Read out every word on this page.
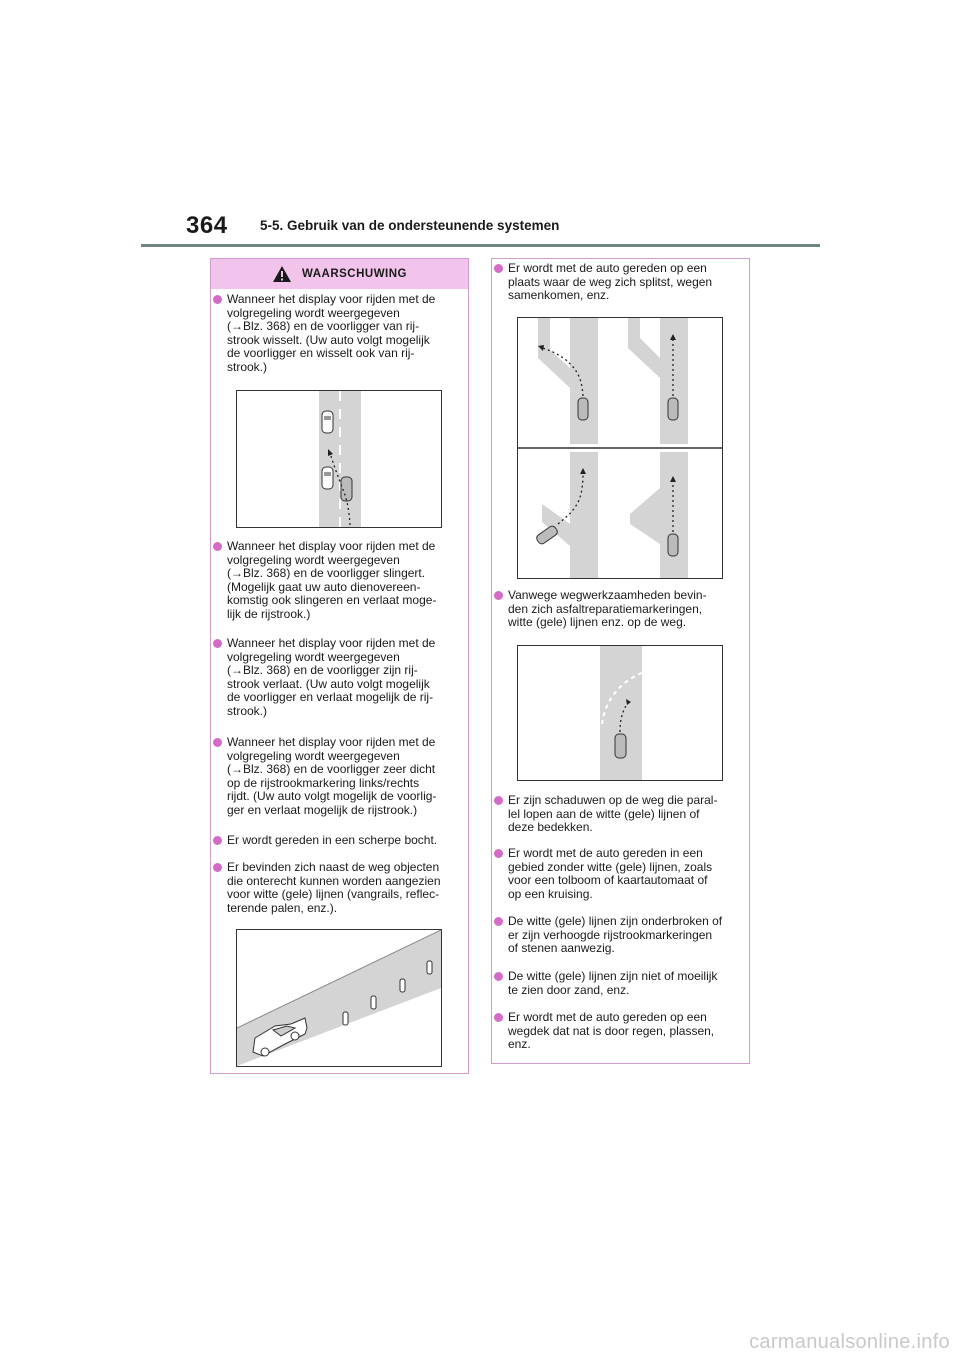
364 5-5. Gebruik van de ondersteunende systemen
WAARSCHUWING
Wanneer het display voor rijden met de
volgregeling wordt weergegeven
(→Blz. 368) en de voorligger van rij-
strook wisselt. (Uw auto volgt mogelijk
de voorligger en wisselt ook van rij-
strook.)
Wanneer het display voor rijden met de
volgregeling wordt weergegeven
(→Blz. 368) en de voorligger slingert.
(Mogelijk gaat uw auto dienovereen-
komstig ook slingeren en verlaat moge-
lijk de rijstrook.)
Wanneer het display voor rijden met de
volgregeling wordt weergegeven
(→Blz. 368) en de voorligger zijn rij-
strook verlaat. (Uw auto volgt mogelijk
de voorligger en verlaat mogelijk de rij-
strook.)
Wanneer het display voor rijden met de
volgregeling wordt weergegeven
(→Blz. 368) en de voorligger zeer dicht
op de rijstrookmarkering links/rechts
rijdt. (Uw auto volgt mogelijk de voorlig-
ger en verlaat mogelijk de rijstrook.)
Er wordt gereden in een scherpe bocht.
Er bevinden zich naast de weg objecten
die onterecht kunnen worden aangezien
voor witte (gele) lijnen (vangrails, reflec-
terende palen, enz.).
Er wordt met de auto gereden op een
plaats waar de weg zich splitst, wegen
samenkomen, enz.
Vanwege wegwerkzaamheden bevin-
den zich asfaltreparatiemarkeringen,
witte (gele) lijnen enz. op de weg.
Er zijn schaduwen op de weg die paral-
lel lopen aan de witte (gele) lijnen of
deze bedekken.
Er wordt met de auto gereden in een
gebied zonder witte (gele) lijnen, zoals
voor een tolboom of kaartautomaat of
op een kruising.
De witte (gele) lijnen zijn onderbroken of
er zijn verhoogde rijstrookmarkeringen
of stenen aanwezig.
De witte (gele) lijnen zijn niet of moeilijk
te zien door zand, enz.
Er wordt met de auto gereden op een
wegdek dat nat is door regen, plassen,
enz.
carmanualsonline.info
